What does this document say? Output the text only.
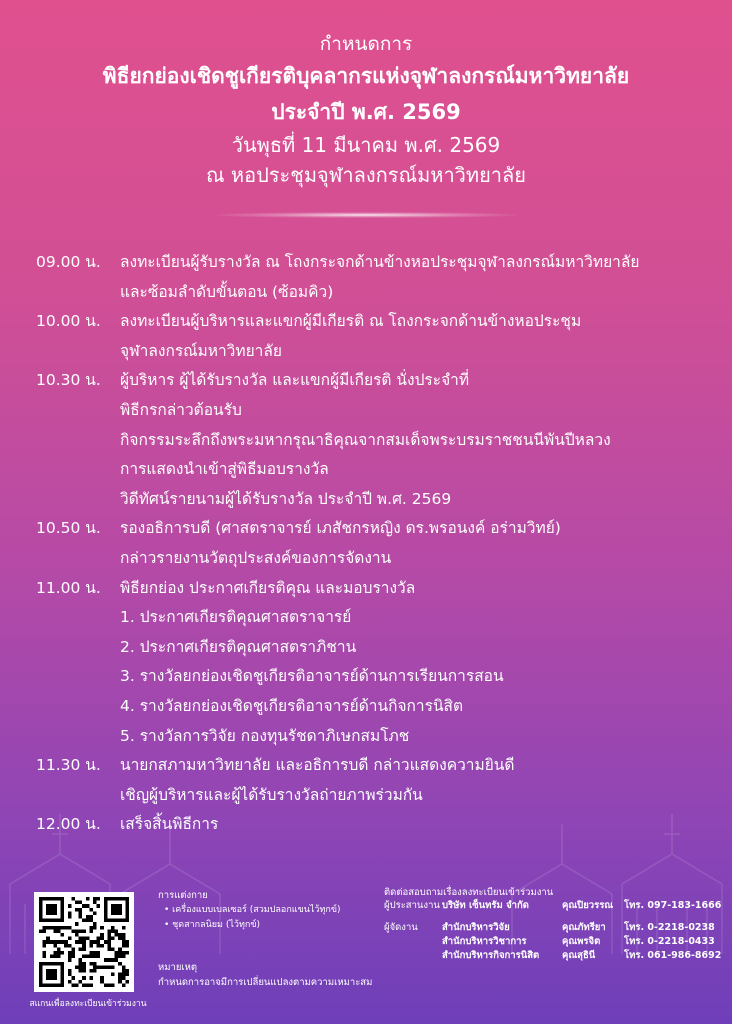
กำหนดการ
พิธียกย่องเชิดชูเกียรติบุคลากรแห่งจุฬาลงกรณ์มหาวิทยาลัย
ประจำปี พ.ศ. 2569
วันพุธที่ 11 มีนาคม พ.ศ. 2569
ณ หอประชุมจุฬาลงกรณ์มหาวิทยาลัย
09.00 น.	ลงทะเบียนผู้รับรางวัล ณ โถงกระจกด้านข้างหอประชุมจุฬาลงกรณ์มหาวิทยาลัย
และซ้อมลำดับขั้นตอน (ซ้อมคิว)
10.00 น.	ลงทะเบียนผู้บริหารและแขกผู้มีเกียรติ ณ โถงกระจกด้านข้างหอประชุม
จุฬาลงกรณ์มหาวิทยาลัย
10.30 น.	ผู้บริหาร ผู้ได้รับรางวัล และแขกผู้มีเกียรติ นั่งประจำที่
พิธีกรกล่าวต้อนรับ
กิจกรรมระลึกถึงพระมหากรุณาธิคุณจากสมเด็จพระบรมราชชนนีพันปีหลวง
การแสดงนำเข้าสู่พิธีมอบรางวัล
วิดีทัศน์รายนามผู้ได้รับรางวัล ประจำปี พ.ศ. 2569
10.50 น.	รองอธิการบดี (ศาสตราจารย์ เภสัชกรหญิง ดร.พรอนงค์ อร่ามวิทย์)
กล่าวรายงานวัตถุประสงค์ของการจัดงาน
11.00 น.	พิธียกย่อง ประกาศเกียรติคุณ และมอบรางวัล
1. ประกาศเกียรติคุณศาสตราจารย์
2. ประกาศเกียรติคุณศาสตราภิชาน
3. รางวัลยกย่องเชิดชูเกียรติอาจารย์ด้านการเรียนการสอน
4. รางวัลยกย่องเชิดชูเกียรติอาจารย์ด้านกิจการนิสิต
5. รางวัลการวิจัย กองทุนรัชดาภิเษกสมโภช
11.30 น.	นายกสภามหาวิทยาลัย และอธิการบดี กล่าวแสดงความยินดี
เชิญผู้บริหารและผู้ได้รับรางวัลถ่ายภาพร่วมกัน
12.00 น.	เสร็จสิ้นพิธีการ
สแกนเพื่อลงทะเบียนเข้าร่วมงาน
การแต่งกาย
• เครื่องแบบเบลเซอร์ (สวมปลอกแขนไว้ทุกข์)
• ชุดสากลนิยม (ไว้ทุกข์)
หมายเหตุ
กำหนดการอาจมีการเปลี่ยนแปลงตามความเหมาะสม
ติดต่อสอบถามเรื่องลงทะเบียนเข้าร่วมงาน
ผู้ประสานงาน บริษัท เซ็นทรัม จำกัด	คุณปิยวรรณ	โทร. 097-183-1666
ผู้จัดงาน	สำนักบริหารวิจัย	คุณภัทรียา	โทร. 0-2218-0238
สำนักบริหารวิชาการ	คุณพรจิต	โทร. 0-2218-0433
สำนักบริหารกิจการนิสิต	คุณสุธินี	โทร. 061-986-8692
